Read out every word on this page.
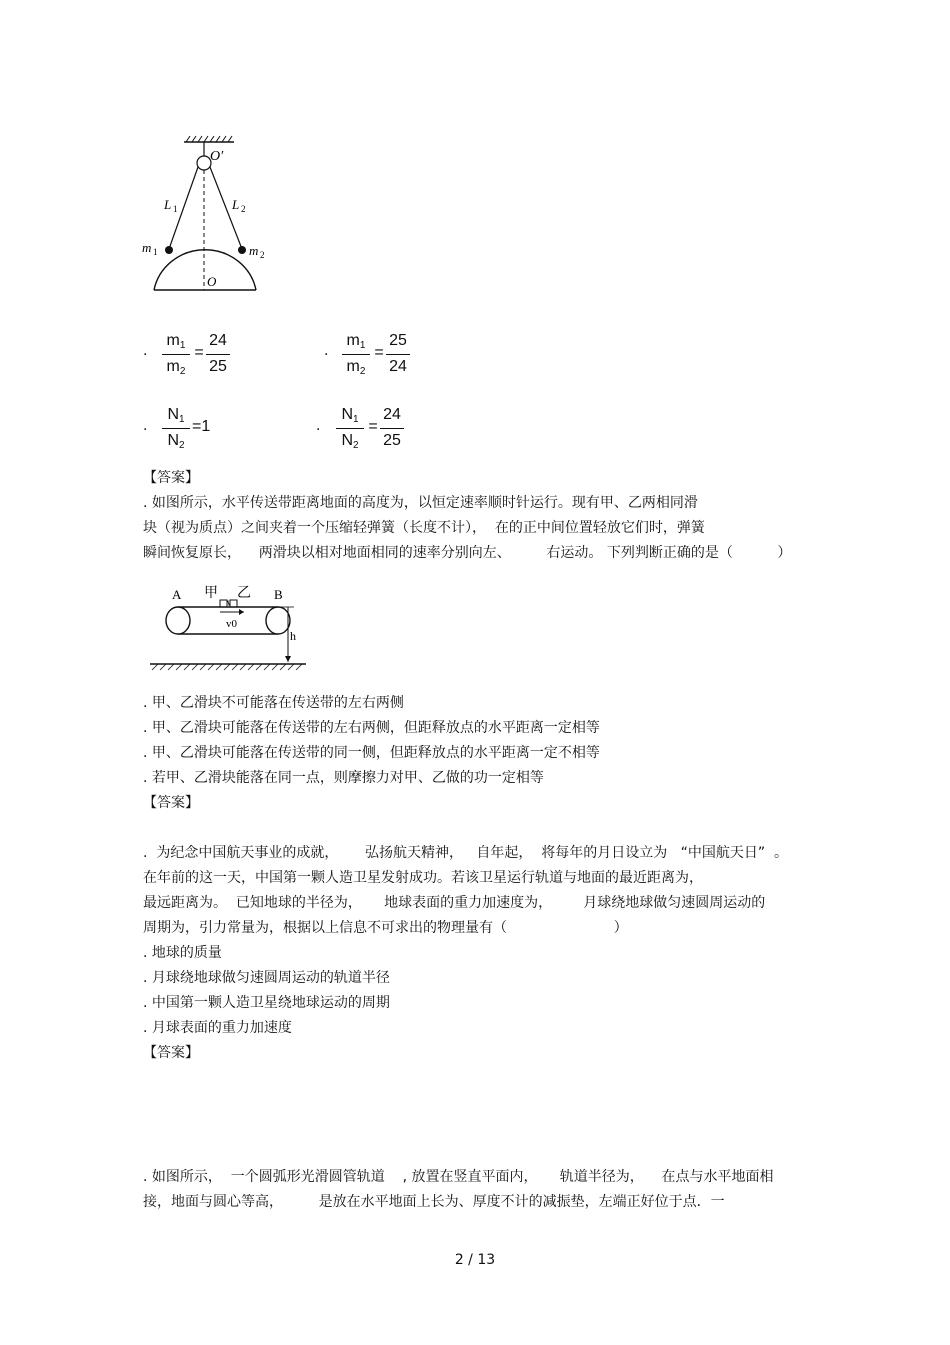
O′
L 1	L 2
m 1	m 2
O
.
$m_1$
$m_2$
=
24
25
.
$m_1$
$m_2$
=
25
24
.
$N_1$
$N_2$
=1	.
$N_1$
$N_2$
=
24
25
【答案】
. 如图所示，水平传送带距离地面的高度为，以恒定速率顺时针运行。现有甲、乙两相同滑
块（视为质点）之间夹着一个压缩轻弹簧（长度不计），  在的正中间位置轻放它们时，弹簧
瞬间恢复原长，    两滑块以相对地面相同的速率分别向左、        右运动。 下列判断正确的是（          ）
A	B
甲 乙
v0
h
. 甲、乙滑块不可能落在传送带的左右两侧
. 甲、乙滑块可能落在传送带的左右两侧，但距释放点的水平距离一定相等
. 甲、乙滑块可能落在传送带的同一侧，但距释放点的水平距离一定不相等
. 若甲、乙滑块能落在同一点，则摩擦力对甲、乙做的功一定相等
【答案】
.  为纪念中国航天事业的成就，      弘扬航天精神，   自年起，  将每年的月日设立为   “中国航天日”  。
在年前的这一天，中国第一颗人造卫星发射成功。若该卫星运行轨道与地面的最近距离为，
最远距离为。  已知地球的半径为，     地球表面的重力加速度为，       月球绕地球做匀速圆周运动的
周期为，引力常量为，根据以上信息不可求出的物理量有（                        ）
. 地球的质量
. 月球绕地球做匀速圆周运动的轨道半径
. 中国第一颗人造卫星绕地球运动的周期
. 月球表面的重力加速度
【答案】
. 如图所示，  一个圆弧形光滑圆管轨道    , 放置在竖直平面内，     轨道半径为，    在点与水平地面相
接，地面与圆心等高，        是放在水平地面上长为、厚度不计的减振垫，左端正好位于点．一
2 / 13
